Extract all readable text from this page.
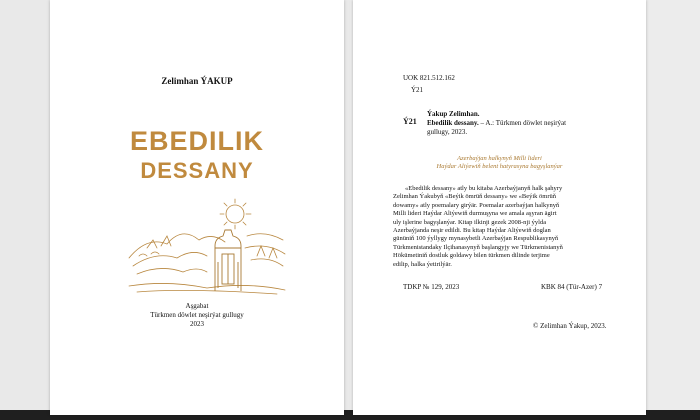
Zelimhan ÝAKUP
EBEDILIK
DESSANY
Aşgabat
Türkmen döwlet neşirýat gullugy
2023
UOK 821.512.162
Ý21
Ý21
Ýakup Zelimhan.
Ebedilik dessany. – A.: Türkmen döwlet neşirýat
gullugy, 2023.
Azerbaýjan halkynyň Milli lideri
Haýdar Aliýewiň belent hatyrasyna bagyşlanýar
«Ebedilik dessany» atly bu kitaba Azerbaýjanyň halk şahyry
Zelimhan Ýakubyň «Beýik ömrüň dessany» we «Beýik ömrüň
dowamy» atly poemalary girýär. Poemalar azerbaýjan halkynyň
Milli lideri Haýdar Aliýewiň durmuşyna we amala aşyran ägirt
uly işlerine bagyşlanýar. Kitap ilkinji gezek 2008-nji ýylda
Azerbaýjanda neşir edildi. Bu kitap Haýdar Aliýewiň doglan
gününiň 100 ýyllygy mynasybetli Azerbaýjan Respublikasynyň
Türkmenistandaky Ilçihanasynyň başlangyjy we Türkmenistanyň
Hökümetiniň dostluk goldawy bilen türkmen dilinde terjime
edilip, halka ýetirilýär.
TDKP № 129, 2023	KBK 84 (Tür-Azer) 7
© Zelimhan Ýakup, 2023.
